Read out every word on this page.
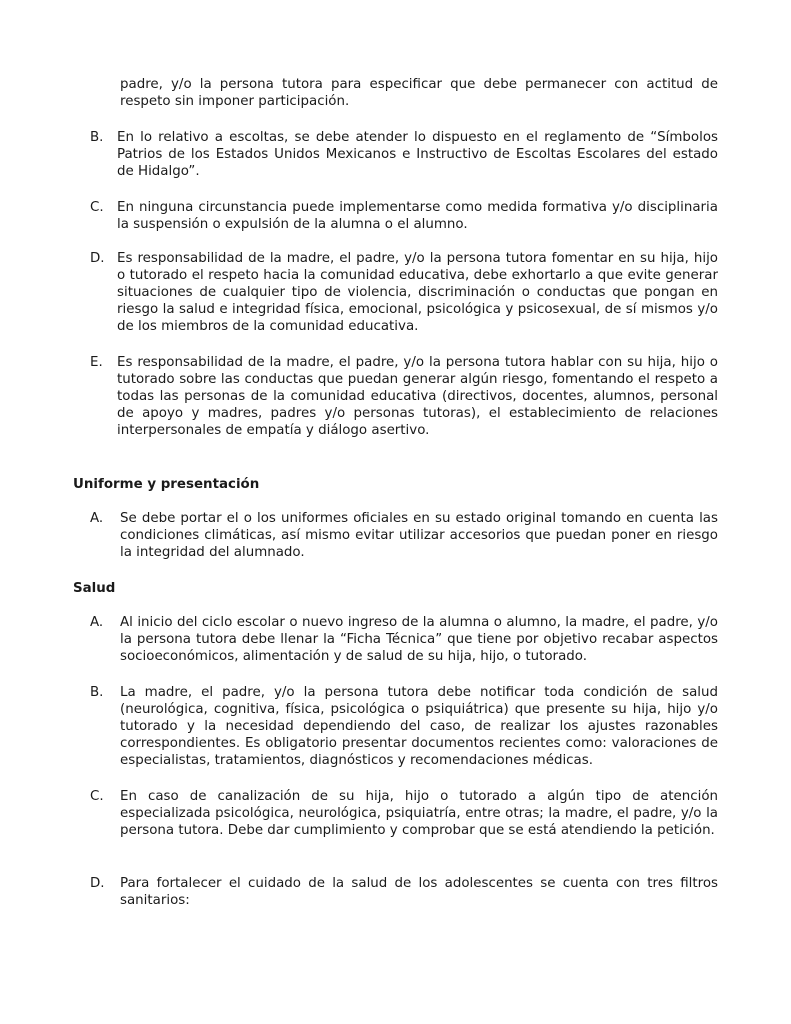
padre, y/o la persona tutora para especificar que debe permanecer con actitud de respeto sin imponer participación.

B.	En lo relativo a escoltas, se debe atender lo dispuesto en el reglamento de “Símbolos Patrios de los Estados Unidos Mexicanos e Instructivo de Escoltas Escolares del estado de Hidalgo”.
C. En ninguna circunstancia puede implementarse como medida formativa y/o disciplinaria la suspensión o expulsión de la alumna o el alumno.
D. Es responsabilidad de la madre, el padre, y/o la persona tutora fomentar en su hija, hijo o tutorado el respeto hacia la comunidad educativa, debe exhortarlo a que evite generar situaciones de cualquier tipo de violencia, discriminación o conductas que pongan en riesgo la salud e integridad física, emocional, psicológica y psicosexual, de sí mismos y/o de los miembros de la comunidad educativa.
E.	Es responsabilidad de la madre, el padre, y/o la persona tutora hablar con su hija, hijo o tutorado sobre las conductas que puedan generar algún riesgo, fomentando el respeto a todas las personas de la comunidad educativa (directivos, docentes, alumnos, personal de apoyo y madres, padres y/o personas tutoras), el establecimiento de relaciones interpersonales de empatía y diálogo asertivo.
Uniforme y presentación
A.	Se debe portar el o los uniformes oficiales en su estado original tomando en cuenta las condiciones climáticas, así mismo evitar utilizar accesorios que puedan poner en riesgo la integridad del alumnado.
Salud
A.	Al inicio del ciclo escolar o nuevo ingreso de la alumna o alumno, la madre, el padre, y/o la persona tutora debe llenar la “Ficha Técnica” que tiene por objetivo recabar aspectos socioeconómicos, alimentación y de salud de su hija, hijo, o tutorado.
B.	La madre, el padre, y/o la persona tutora debe notificar toda condición de salud (neurológica, cognitiva, física, psicológica o psiquiátrica) que presente su hija, hijo y/o tutorado y la necesidad dependiendo del caso, de realizar los ajustes razonables correspondientes. Es obligatorio presentar documentos recientes como: valoraciones de especialistas, tratamientos, diagnósticos y recomendaciones médicas.
C.	En caso de canalización de su hija, hijo o tutorado a algún tipo de atención especializada psicológica, neurológica, psiquiatría, entre otras; la madre, el padre, y/o la persona tutora. Debe dar cumplimiento y comprobar que se está atendiendo la petición.
D.	Para fortalecer el cuidado de la salud de los adolescentes se cuenta con tres filtros sanitarios:
